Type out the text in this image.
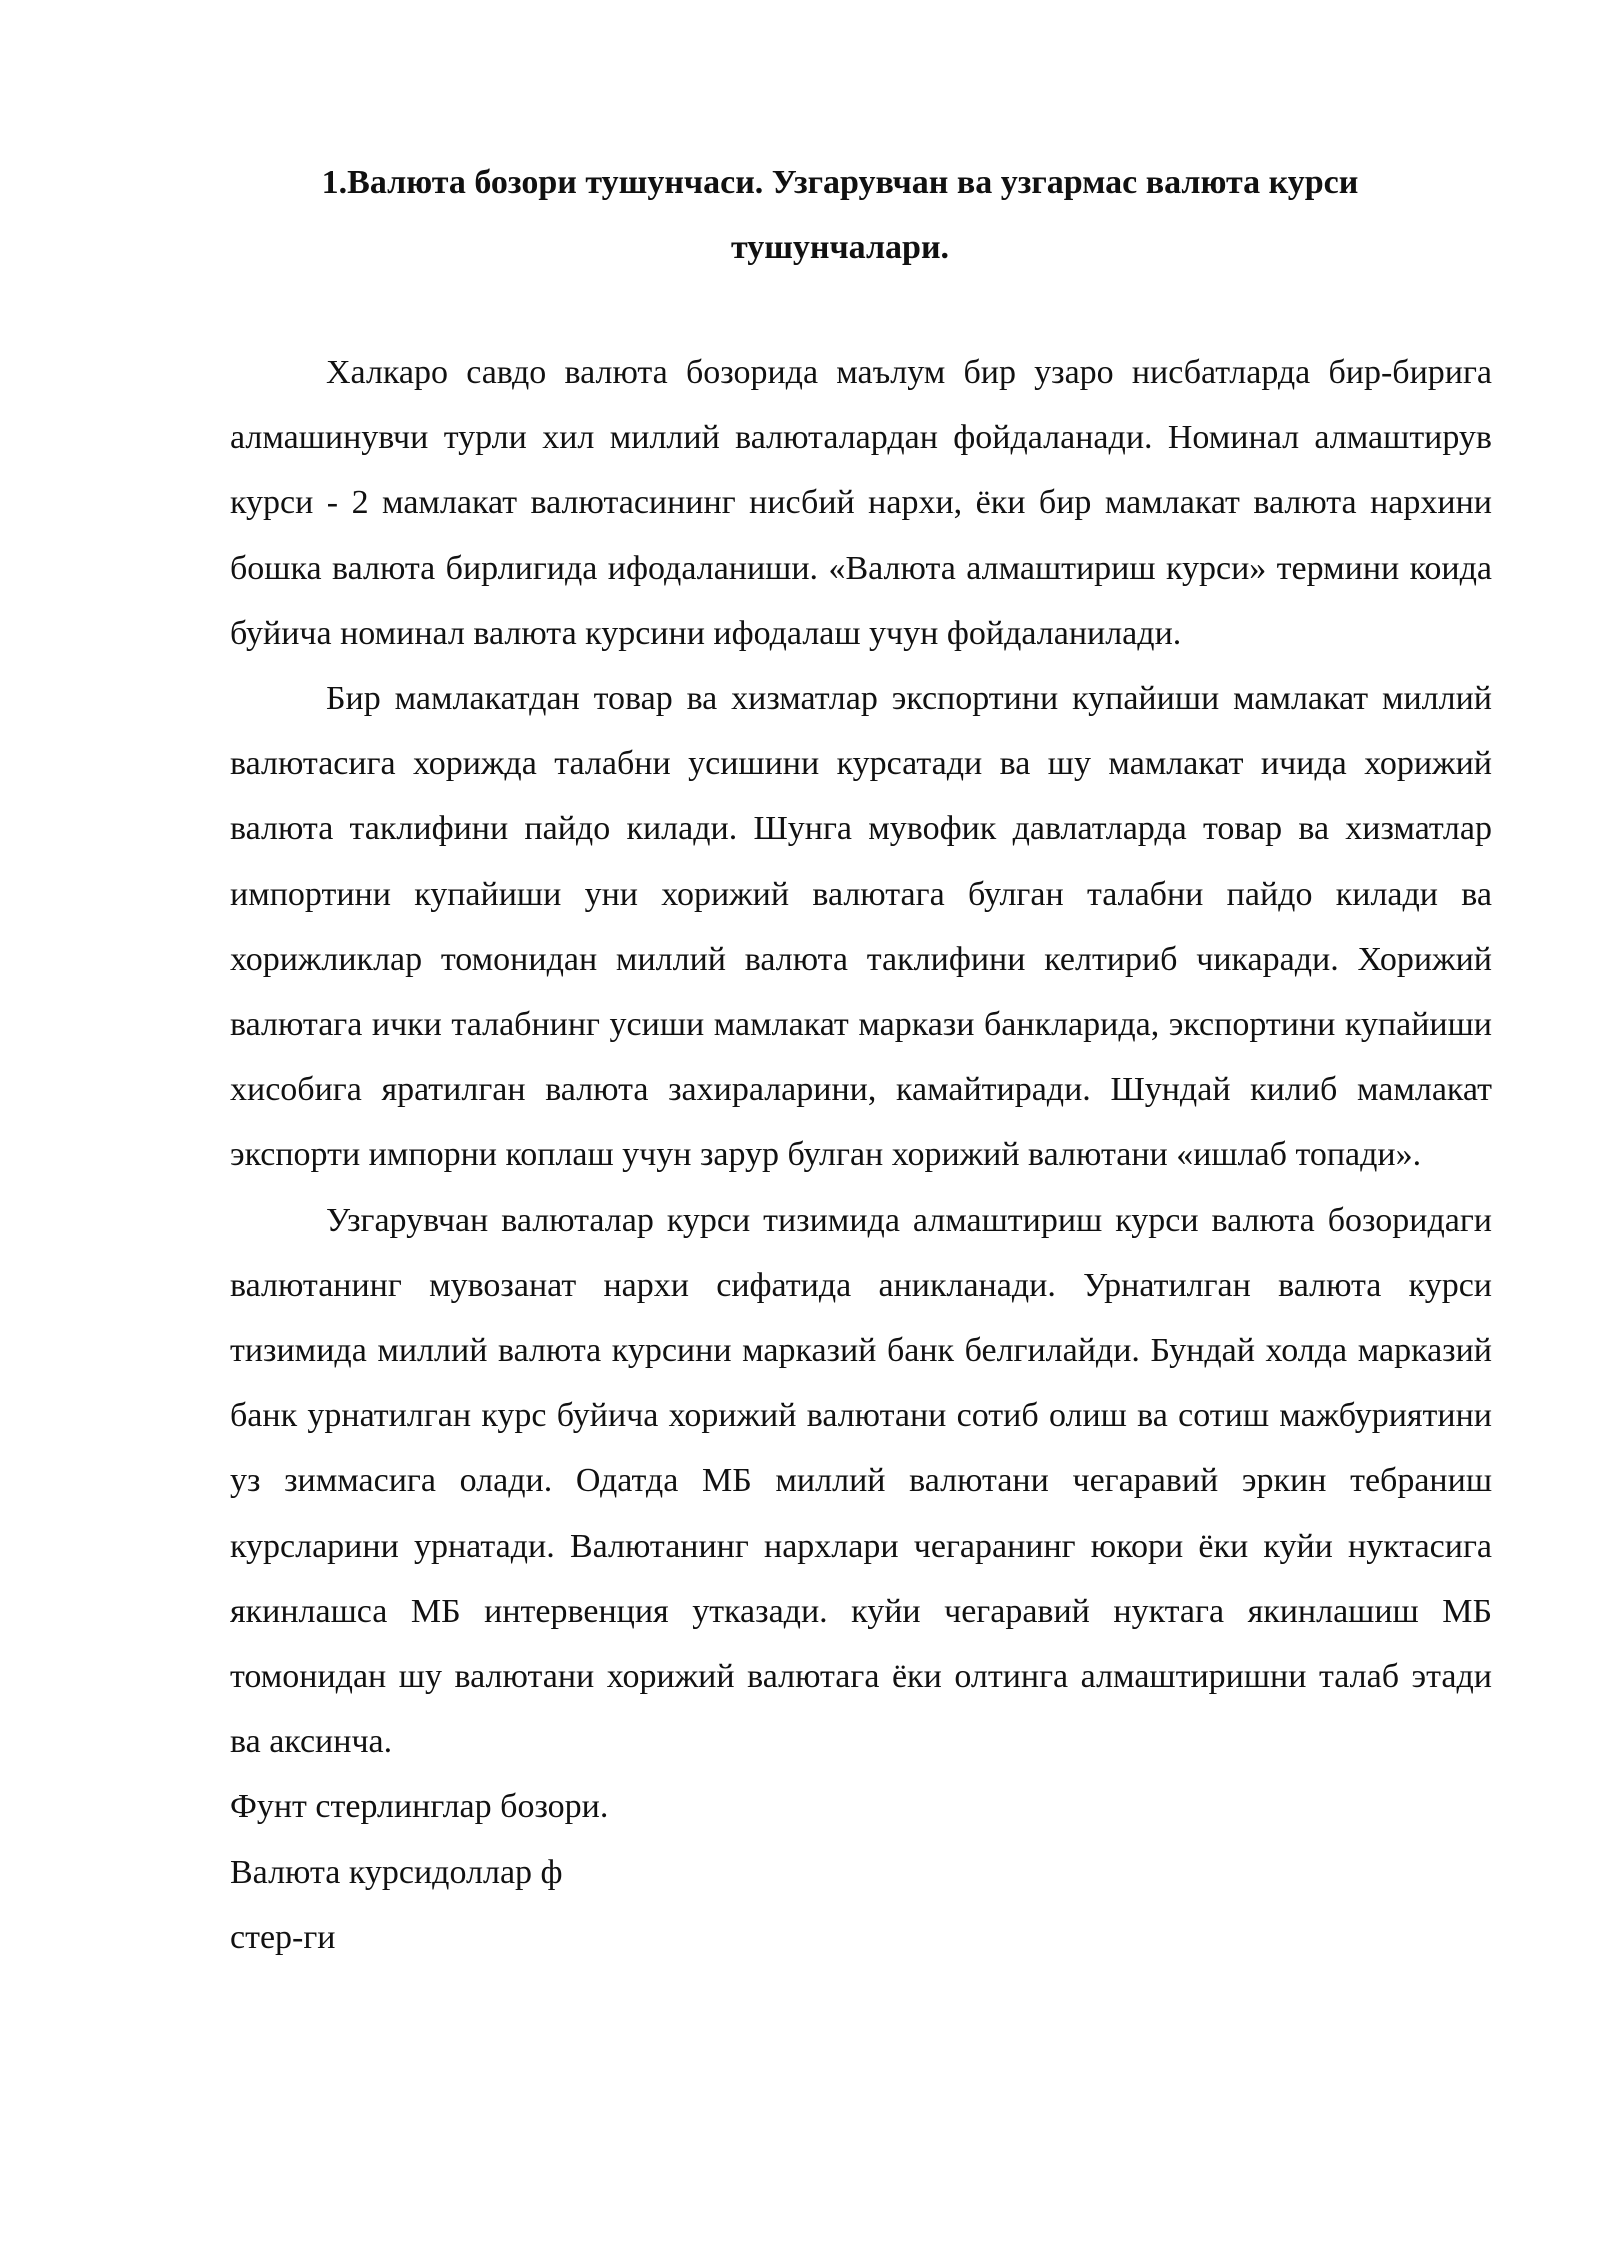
1.Валюта бозори тушунчаси. Узгарувчан ва узгармас валюта курси тушунчалари.

Халкаро савдо валюта бозорида маълум бир узаро нисбатларда бир-бирига алмашинувчи турли хил миллий валюталардан фойдаланади. Номинал алмаштирув курси - 2 мамлакат валютасининг нисбий нархи, ёки бир мамлакат валюта нархини бошка валюта бирлигида ифодаланиши. «Валюта алмаштириш курси» термини коида буйича номинал валюта курсини ифодалаш учун фойдаланилади.

Бир мамлакатдан товар ва хизматлар экспортини купайиши мамлакат миллий валютасига хорижда талабни усишини курсатади ва шу мамлакат ичида хорижий валюта таклифини пайдо килади. Шунга мувофик давлатларда товар ва хизматлар импортини купайиши уни хорижий валютага булган талабни пайдо килади ва хорижликлар томонидан миллий валюта таклифини келтириб чикаради. Хорижий валютага ички талабнинг усиши мамлакат маркази банкларида, экспортини купайиши хисобига яратилган валюта захираларини, камайтиради. Шундай килиб мамлакат экспорти импорни коплаш учун зарур булган хорижий валютани «ишлаб топади».

Узгарувчан валюталар курси тизимида алмаштириш курси валюта бозоридаги валютанинг мувозанат нархи сифатида аникланади. Урнатилган валюта курси тизимида миллий валюта курсини марказий банк белгилайди. Бундай холда марказий банк урнатилган курс буйича хорижий валютани сотиб олиш ва сотиш мажбуриятини уз зиммасига олади. Одатда МБ миллий валютани чегаравий эркин тебраниш курсларини урнатади. Валютанинг нархлари чегаранинг юкори ёки куйи нуктасига якинлашса МБ интервенция утказади. куйи чегаравий нуктага якинлашиш МБ томонидан шу валютани хорижий валютага ёки олтинга алмаштиришни талаб этади ва аксинча.

Фунт стерлинглар бозори.

Валюта курсидоллар ф

стер-ги
